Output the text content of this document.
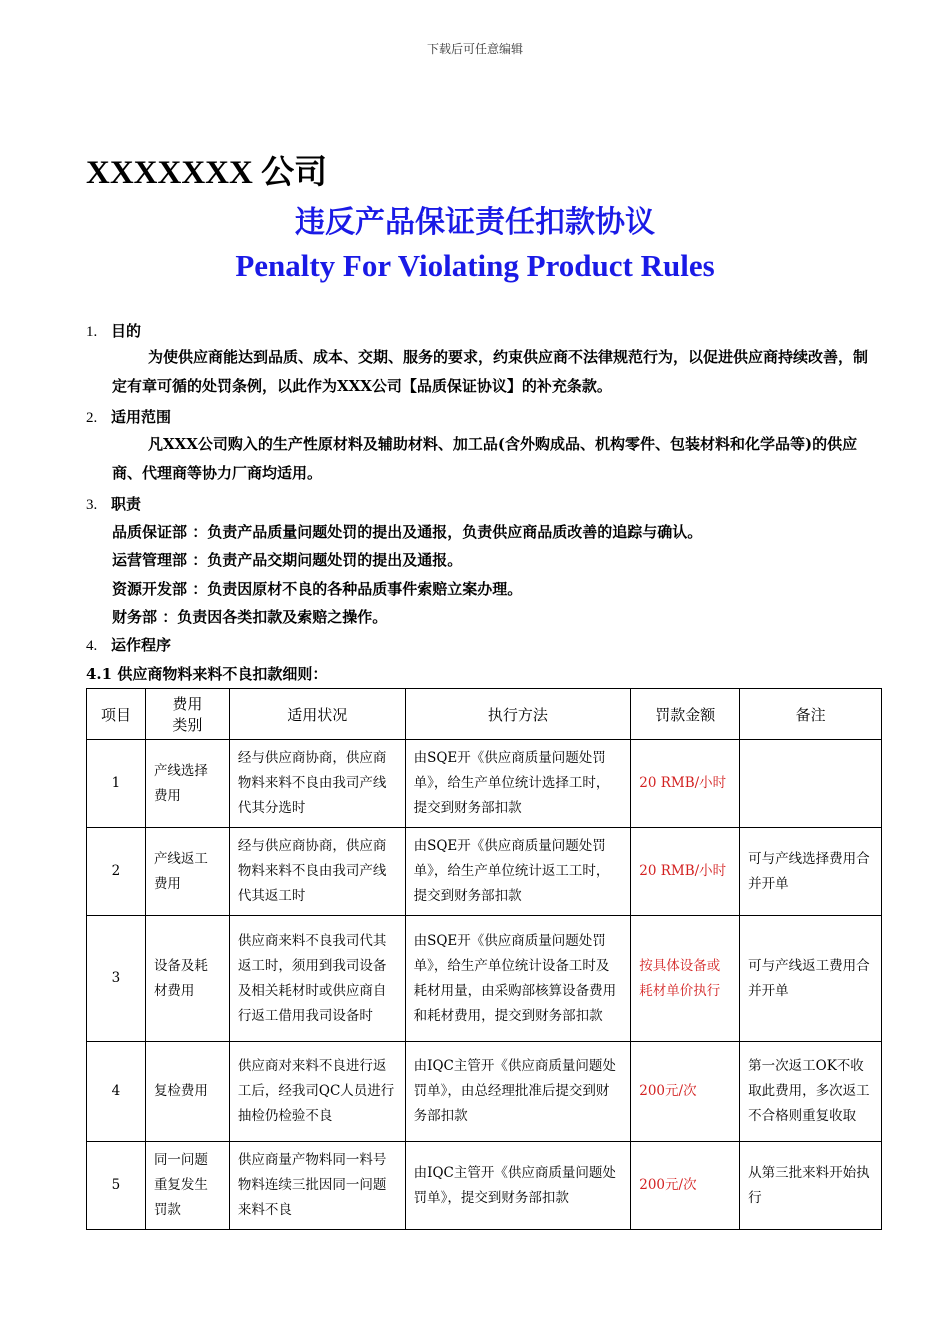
下载后可任意编辑
XXXXXXX 公司
违反产品保证责任扣款协议
Penalty For Violating Product Rules
1. 目的
为使供应商能达到品质、成本、交期、服务的要求，约束供应商不法律规范行为，以促进供应商持续改善，制定有章可循的处罚条例，以此作为XXX公司【品质保证协议】的补充条款。
2. 适用范围
凡XXX公司购入的生产性原材料及辅助材料、加工品(含外购成品、机构零件、包装材料和化学品等)的供应商、代理商等协力厂商均适用。
3. 职责
品质保证部 ：负责产品质量问题处罚的提出及通报，负责供应商品质改善的追踪与确认。
运营管理部 ：负责产品交期问题处罚的提出及通报。
资源开发部 ：负责因原材不良的各种品质事件索赔立案办理。
财务部 ：负责因各类扣款及索赔之操作。
4. 运作程序
4.1 供应商物料来料不良扣款细则：
项目	费用类别	适用状况	执行方法	罚款金额	备注
1	产线选择费用	经与供应商协商，供应商物料来料不良由我司产线代其分选时	由SQE开《供应商质量问题处罚单》，给生产单位统计选择工时，提交到财务部扣款	20 RMB/小时	
2	产线返工费用	经与供应商协商，供应商物料来料不良由我司产线代其返工时	由SQE开《供应商质量问题处罚单》，给生产单位统计返工工时，提交到财务部扣款	20 RMB/小时	可与产线选择费用合并开单
3	设备及耗材费用	供应商来料不良我司代其返工时，须用到我司设备及相关耗材时或供应商自行返工借用我司设备时	由SQE开《供应商质量问题处罚单》，给生产单位统计设备工时及耗材用量，由采购部核算设备费用和耗材费用，提交到财务部扣款	按具体设备或耗材单价执行	可与产线返工费用合并开单
4	复检费用	供应商对来料不良进行返工后，经我司QC人员进行抽检仍检验不良	由IQC主管开《供应商质量问题处罚单》，由总经理批准后提交到财务部扣款	200元/次	第一次返工OK不收取此费用，多次返工不合格则重复收取
5	同一问题重复发生罚款	供应商量产物料同一料号物料连续三批因同一问题来料不良	由IQC主管开《供应商质量问题处罚单》，提交到财务部扣款	200元/次	从第三批来料开始执行
